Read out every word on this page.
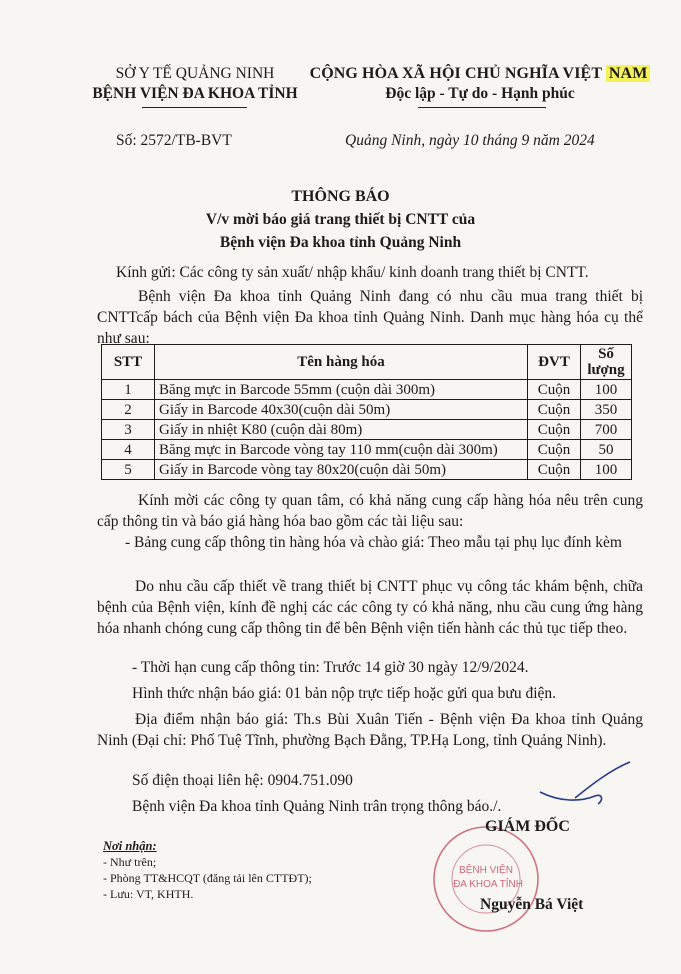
SỞ Y TẾ QUẢNG NINH
BỆNH VIỆN ĐA KHOA TỈNH
CỘNG HÒA XÃ HỘI CHỦ NGHĨA VIỆT NAM
Độc lập - Tự do - Hạnh phúc
Số: 2572/TB-BVT	Quảng Ninh, ngày 10 tháng 9 năm 2024
THÔNG BÁO
V/v mời báo giá trang thiết bị CNTT của
Bệnh viện Đa khoa tỉnh Quảng Ninh
Kính gửi: Các công ty sản xuất/ nhập khẩu/ kinh doanh trang thiết bị CNTT.
Bệnh viện Đa khoa tỉnh Quảng Ninh đang có nhu cầu mua trang thiết bị CNTTcấp bách của Bệnh viện Đa khoa tỉnh Quảng Ninh. Danh mục hàng hóa cụ thể như sau:
STT	Tên hàng hóa	ĐVT	Số lượng
1	Băng mực in Barcode 55mm (cuộn dài 300m)	Cuộn	100
2	Giấy in Barcode 40x30(cuộn dài 50m)	Cuộn	350
3	Giấy in nhiệt K80 (cuộn dài 80m)	Cuộn	700
4	Băng mực in Barcode vòng tay 110 mm(cuộn dài 300m)	Cuộn	50
5	Giấy in Barcode vòng tay 80x20(cuộn dài 50m)	Cuộn	100
Kính mời các công ty quan tâm, có khả năng cung cấp hàng hóa nêu trên cung cấp thông tin và báo giá hàng hóa bao gồm các tài liệu sau:
- Bảng cung cấp thông tin hàng hóa và chào giá: Theo mẫu tại phụ lục đính kèm
Do nhu cầu cấp thiết về trang thiết bị CNTT phục vụ công tác khám bệnh, chữa bệnh của Bệnh viện, kính đề nghị các các công ty có khả năng, nhu cầu cung ứng hàng hóa nhanh chóng cung cấp thông tin để bên Bệnh viện tiến hành các thủ tục tiếp theo.
- Thời hạn cung cấp thông tin: Trước 14 giờ 30 ngày 12/9/2024.
Hình thức nhận báo giá: 01 bản nộp trực tiếp hoặc gửi qua bưu điện.
Địa điểm nhận báo giá: Th.s Bùi Xuân Tiến - Bệnh viện Đa khoa tỉnh Quảng Ninh (Đại chỉ: Phố Tuệ Tĩnh, phường Bạch Đằng, TP.Hạ Long, tỉnh Quảng Ninh).
Số điện thoại liên hệ: 0904.751.090
Bệnh viện Đa khoa tỉnh Quảng Ninh trân trọng thông báo./.
Nơi nhận:
- Như trên;
- Phòng TT&HCQT (đăng tải lên CTTĐT);
- Lưu: VT, KHTH.
BỆNH VIỆN
ĐA KHOA TỈNH
GIÁM ĐỐC
Nguyễn Bá Việt
